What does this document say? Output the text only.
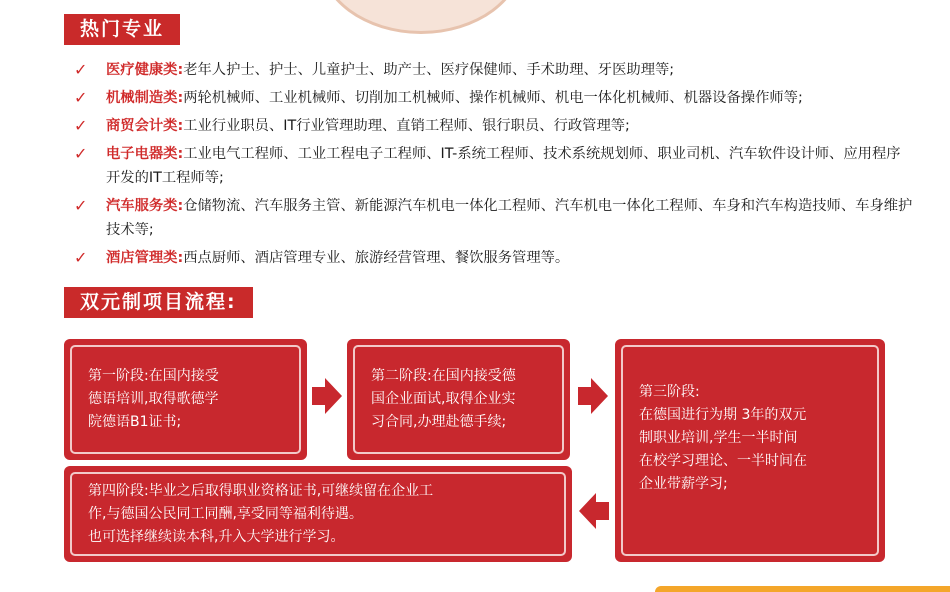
热门专业
✓ 医疗健康类:老年人护士、护士、儿童护士、助产士、医疗保健师、手术助理、牙医助理等;
✓ 机械制造类:两轮机械师、工业机械师、切削加工机械师、操作机械师、机电一体化机械师、机器设备操作师等;
✓ 商贸会计类:工业行业职员、IT行业管理助理、直销工程师、银行职员、行政管理等;
✓ 电子电器类:工业电气工程师、工业工程电子工程师、IT-系统工程师、技术系统规划师、职业司机、汽车软件设计师、应用程序开发的IT工程师等;
✓ 汽车服务类:仓储物流、汽车服务主管、新能源汽车机电一体化工程师、汽车机电一体化工程师、车身和汽车构造技师、车身维护技术等;
✓ 酒店管理类:西点厨师、酒店管理专业、旅游经营管理、餐饮服务管理等。
双元制项目流程:
第一阶段:在国内接受
德语培训,取得歌德学
院德语B1证书;
第二阶段:在国内接受德
国企业面试,取得企业实
习合同,办理赴德手续;
第三阶段:
在德国进行为期 3年的双元
制职业培训,学生一半时间
在校学习理论、一半时间在
企业带薪学习;
第四阶段:毕业之后取得职业资格证书,可继续留在企业工
作,与德国公民同工同酬,享受同等福利待遇。
也可选择继续读本科,升入大学进行学习。
